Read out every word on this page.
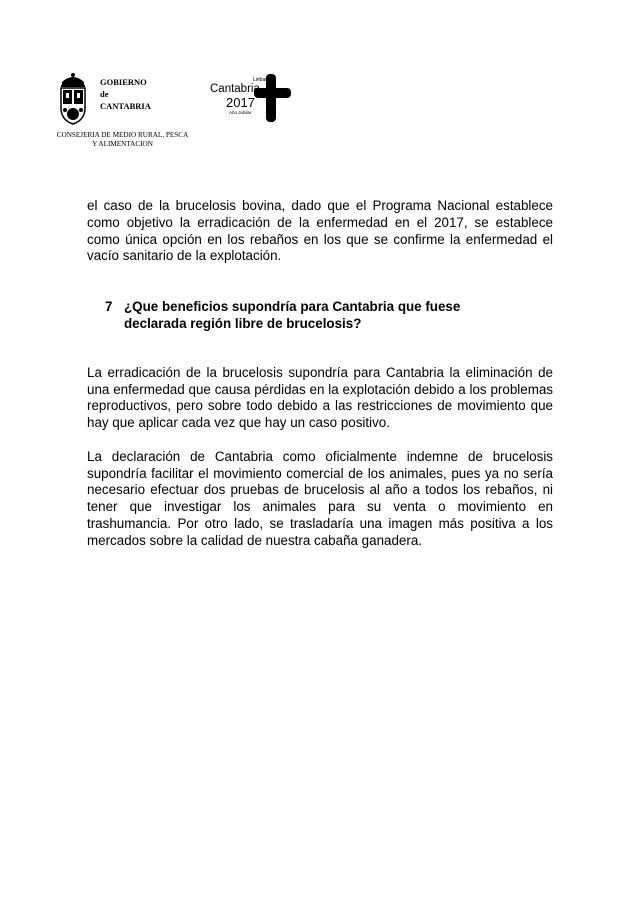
GOBIERNO
de
CANTABRIA
CONSEJERIA DE MEDIO RURAL, PESCA
Y ALIMENTACION
Liébana
Cantabria
2017
Año Jubilar

el caso de la brucelosis bovina, dado que el Programa Nacional establece como objetivo la erradicación de la enfermedad en el 2017, se establece como única opción en los rebaños en los que se confirme la enfermedad el vacío sanitario de la explotación.

7 ¿Que beneficios supondría para Cantabria que fuese declarada región libre de brucelosis?

La erradicación de la brucelosis supondría para Cantabria la eliminación de una enfermedad que causa pérdidas en la explotación debido a los problemas reproductivos, pero sobre todo debido a las restricciones de movimiento que hay que aplicar cada vez que hay un caso positivo.

La declaración de Cantabria como oficialmente indemne de brucelosis supondría facilitar el movimiento comercial de los animales, pues ya no sería necesario efectuar dos pruebas de brucelosis al año a todos los rebaños, ni tener que investigar los animales para su venta o movimiento en trashumancia. Por otro lado, se trasladaría una imagen más positiva a los mercados sobre la calidad de nuestra cabaña ganadera.
